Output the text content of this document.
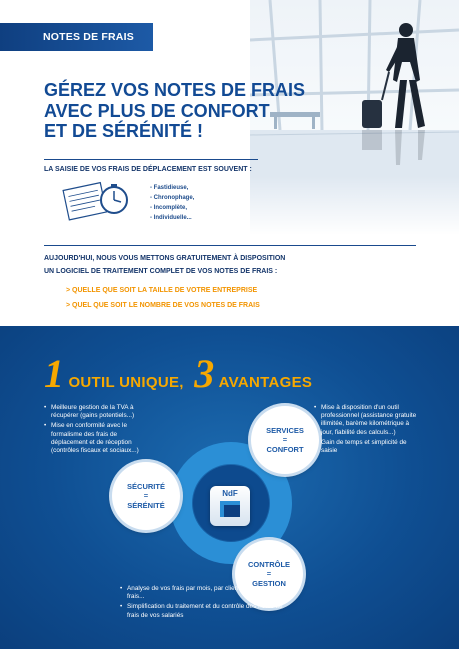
NOTES DE FRAIS
GÉREZ VOS NOTES DE FRAIS
AVEC PLUS DE CONFORT
ET DE SÉRÉNITÉ !
LA SAISIE DE VOS FRAIS DE DÉPLACEMENT EST SOUVENT :
- Fastidieuse,
- Chronophage,
- Incomplète,
- Individuelle...
AUJOURD'HUI, NOUS VOUS METTONS GRATUITEMENT À DISPOSITION
UN LOGICIEL DE TRAITEMENT COMPLET DE VOS NOTES DE FRAIS :
> QUELLE QUE SOIT LA TAILLE DE VOTRE ENTREPRISE
> QUEL QUE SOIT LE NOMBRE DE VOS NOTES DE FRAIS
1 OUTIL UNIQUE, 3 AVANTAGES
NdF
SERVICES
=
CONFORT
SÉCURITÉ
=
SÉRÉNITÉ
CONTRÔLE
=
GESTION
• Meilleure gestion de la TVA à récupérer (gains potentiels...)
• Mise en conformité avec le formalisme des frais de déplacement et de réception (contrôles fiscaux et sociaux...)
• Mise à disposition d'un outil professionnel (assistance gratuite illimitée, barème kilométrique à jour, fiabilité des calculs...)
• Gain de temps et simplicité de saisie
• Analyse de vos frais par mois, par client, par nature de frais...
• Simplification du traitement et du contrôle des notes de frais de vos salariés
